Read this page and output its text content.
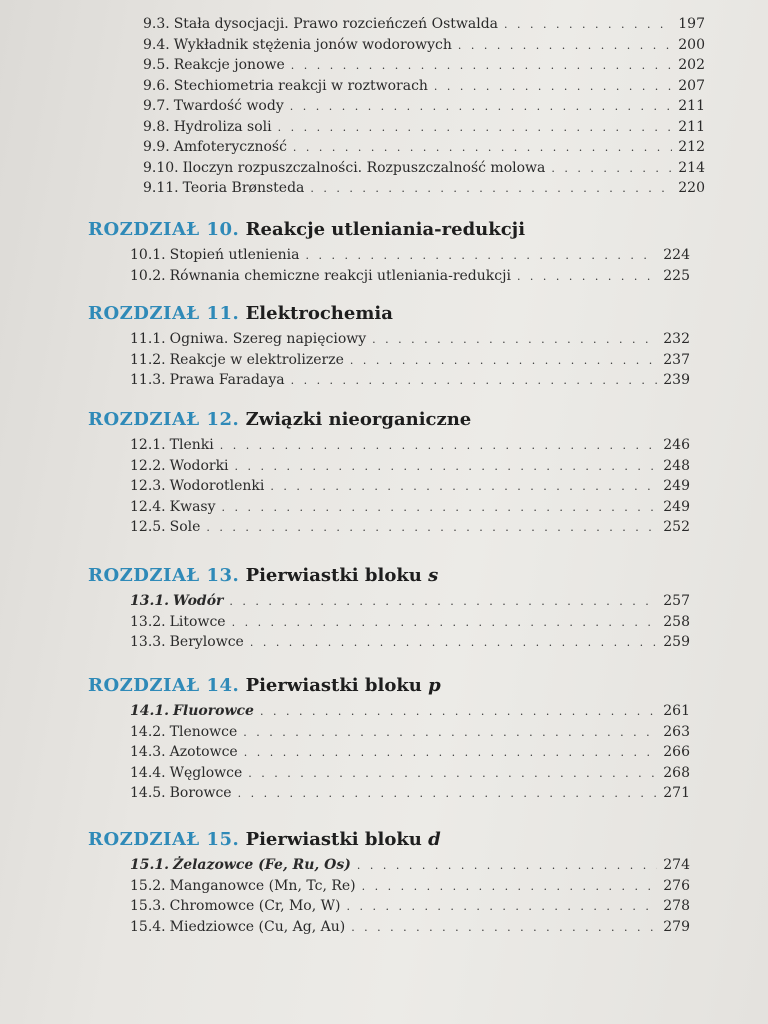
9.3. Stała dysocjacji. Prawo rozcieńczeń Ostwalda . . .	197
9.4. Wykładnik stężenia jonów wodorowych . . .	200
9.5. Reakcje jonowe . . .	202
9.6. Stechiometria reakcji w roztworach . . .	207
9.7. Twardość wody . . .	211
9.8. Hydroliza soli . . .	211
9.9. Amfoteryczność . . .	212
9.10. Iloczyn rozpuszczalności. Rozpuszczalność molowa . . .	214
9.11. Teoria Brønsteda . . .	220
ROZDZIAŁ 10. Reakcje utleniania-redukcji
10.1. Stopień utlenienia . . .	224
10.2. Równania chemiczne reakcji utleniania-redukcji . . .	225
ROZDZIAŁ 11. Elektrochemia
11.1. Ogniwa. Szereg napięciowy . . .	232
11.2. Reakcje w elektrolizerze . . .	237
11.3. Prawa Faradaya . . .	239
ROZDZIAŁ 12. Związki nieorganiczne
12.1. Tlenki . . .	246
12.2. Wodorki . . .	248
12.3. Wodorotlenki . . .	249
12.4. Kwasy . . .	249
12.5. Sole . . .	252
ROZDZIAŁ 13. Pierwiastki bloku s
13.1. Wodór . . .	257
13.2. Litowce . . .	258
13.3. Berylowce . . .	259
ROZDZIAŁ 14. Pierwiastki bloku p
14.1. Fluorowce . . .	261
14.2. Tlenowce . . .	263
14.3. Azotowce . . .	266
14.4. Węglowce . . .	268
14.5. Borowce . . .	271
ROZDZIAŁ 15. Pierwiastki bloku d
15.1. Żelazowce (Fe, Ru, Os) . . .	274
15.2. Manganowce (Mn, Tc, Re) . . .	276
15.3. Chromowce (Cr, Mo, W) . . .	278
15.4. Miedziowce (Cu, Ag, Au) . . .	279
